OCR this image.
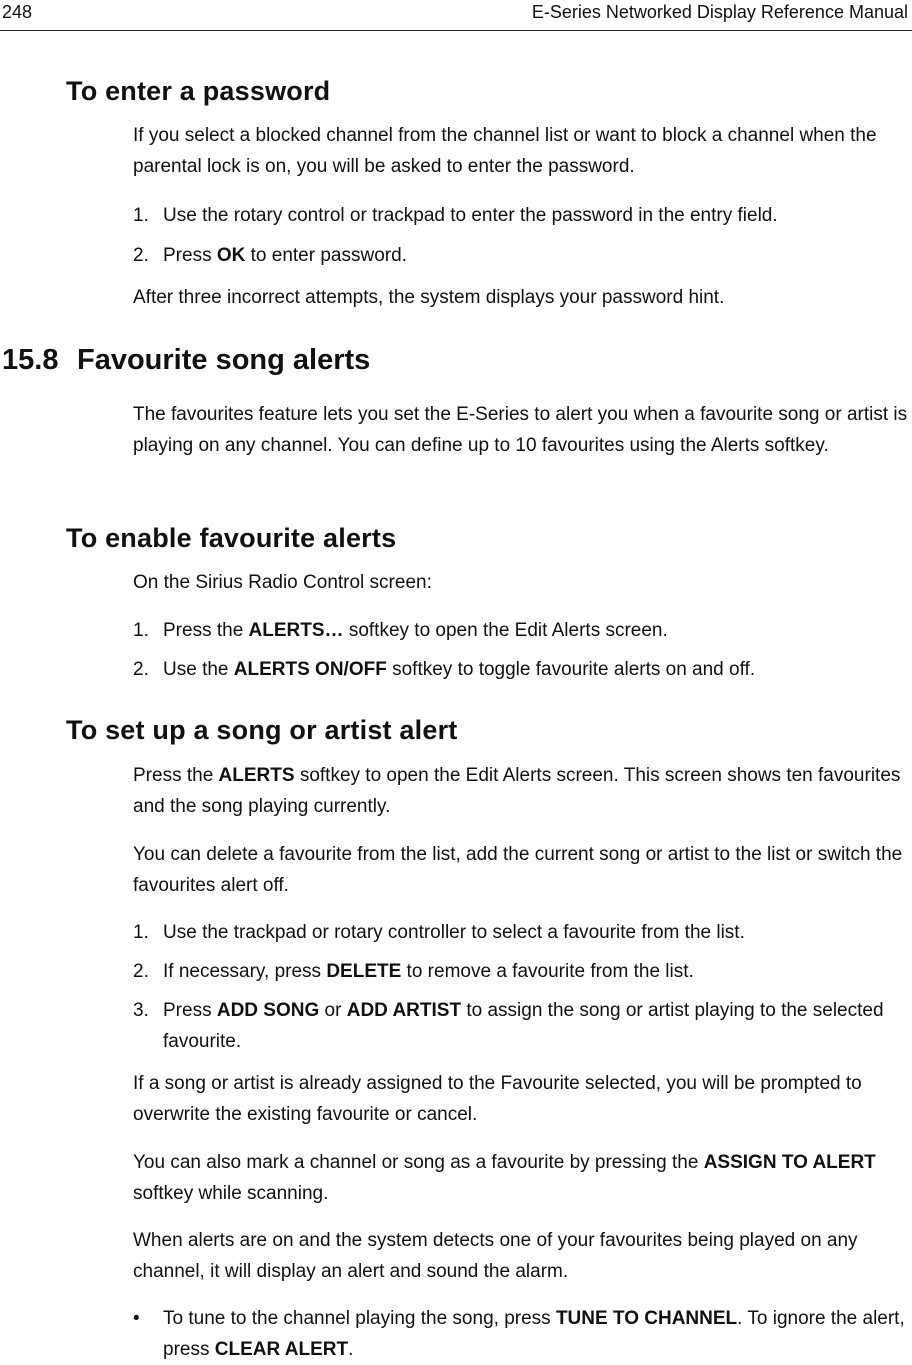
248	E-Series Networked Display Reference Manual
To enter a password
If you select a blocked channel from the channel list or want to block a channel when the parental lock is on, you will be asked to enter the password.
1. Use the rotary control or trackpad to enter the password in the entry field.
2. Press OK to enter password.
After three incorrect attempts, the system displays your password hint.
15.8 Favourite song alerts
The favourites feature lets you set the E-Series to alert you when a favourite song or artist is playing on any channel. You can define up to 10 favourites using the Alerts softkey.
To enable favourite alerts
On the Sirius Radio Control screen:
1. Press the ALERTS… softkey to open the Edit Alerts screen.
2. Use the ALERTS ON/OFF softkey to toggle favourite alerts on and off.
To set up a song or artist alert
Press the ALERTS softkey to open the Edit Alerts screen. This screen shows ten favourites and the song playing currently.
You can delete a favourite from the list, add the current song or artist to the list or switch the favourites alert off.
1. Use the trackpad or rotary controller to select a favourite from the list.
2. If necessary, press DELETE to remove a favourite from the list.
3. Press ADD SONG or ADD ARTIST to assign the song or artist playing to the selected favourite.
If a song or artist is already assigned to the Favourite selected, you will be prompted to overwrite the existing favourite or cancel.
You can also mark a channel or song as a favourite by pressing the ASSIGN TO ALERT softkey while scanning.
When alerts are on and the system detects one of your favourites being played on any channel, it will display an alert and sound the alarm.
• To tune to the channel playing the song, press TUNE TO CHANNEL. To ignore the alert, press CLEAR ALERT.
